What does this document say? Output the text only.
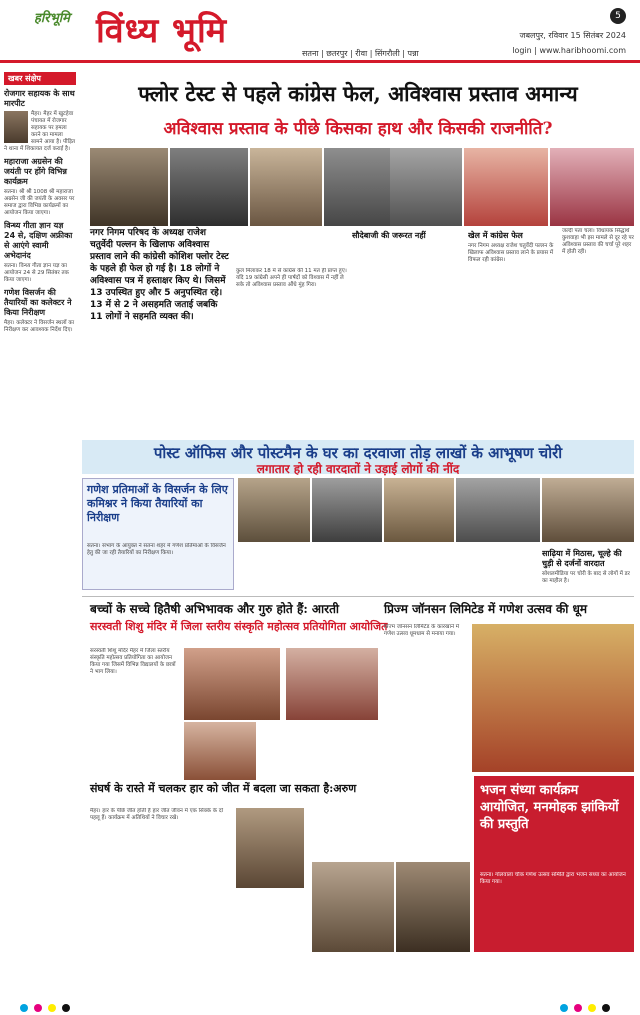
हरिभूमि विंध्य भूमि
सतना | छतरपुर | रीवा | सिंगरौली | पन्ना
5
जबलपुर, रविवार 15 सितंबर 2024
login | www.haribhoomi.com
खबर संक्षेप
रोजगार सहायक के साथ मारपीट

मैहर। मैहर में खुटहेवा पंचायत में रोजगार सहायक पर हमला करने का मामला सामने आया है। पीड़ित ने थाना में शिकायत दर्ज कराई है।

महाराजा अग्रसेन की जयंती पर होंगे विभिन्न कार्यक्रम

सतना। श्री श्री 1008 श्री महाराजा अग्रसेन जी की जयंती के अवसर पर समाज द्वारा विभिन्न कार्यक्रमों का आयोजन किया जाएगा।

विन्ध्य गीता ज्ञान यज्ञ 24 से, दक्षिण अफ्रीका से आएंगे स्वामी अभेदानंद

सतना। विन्ध्य गीता ज्ञान यज्ञ का आयोजन 24 से 29 सितंबर तक किया जाएगा।

गणेश विसर्जन की तैयारियों का कलेक्टर ने किया निरीक्षण

मैहर। कलेक्टर ने विसर्जन स्थलों का निरीक्षण कर आवश्यक निर्देश दिए।

फ्लोर टेस्ट से पहले कांग्रेस फेल, अविश्वास प्रस्ताव अमान्य
अविश्वास प्रस्ताव के पीछे किसका हाथ और किसकी राजनीति?
नगर निगम परिषद के अध्यक्ष राजेश चतुर्वेदी पल्लन के खिलाफ अविश्वास प्रस्ताव लाने की कांग्रेसी कोशिश फ्लोर टेस्ट के पहले ही फेल हो गई है। 18 लोगों ने अविश्वास पत्र में हस्ताक्षर किए थे। जिसमें 13 उपस्थित हुए और 5 अनुपस्थित रहे। 13 में से 2 ने असहमति जताई जबकि 11 लोगों ने सहमति व्यक्त की।
कुल मिलाकर 18 में से कांग्रेस की 11 मत ही प्राप्त हुए। यदि 19 कांग्रेसी अपने ही पार्षदों को विश्वास में नहीं ले सके तो अविश्वास प्रस्ताव औंधे मुंह गिरा।
सौदेबाजी की जरूरत नहीं	खेल में कांग्रेस फेल
नगर निगम अध्यक्ष राजेश चतुर्वेदी पल्लन के खिलाफ अविश्वास प्रस्ताव लाने के प्रयास में विफल रही कांग्रेस।
जल्दी पता चला। विधायक सिद्धार्थ कुशवाहा भी इस मामले से दूर रहे पर अविश्वास प्रस्ताव की चर्चा पूरे शहर में होती रही।
पोस्ट ऑफिस और पोस्टमैन के घर का दरवाजा तोड़ लाखों के आभूषण चोरी
लगातार हो रही वारदातों ने उड़ाई लोगों की नींद
गणेश प्रतिमाओं के विसर्जन के लिए कमिश्नर ने किया तैयारियों का निरीक्षण
सतना। संभाग के आयुक्त ने सतना शहर में गणेश प्रतिमाओं के विसर्जन हेतु की जा रही तैयारियों का निरीक्षण किया।	साढ़िया में मिठास, चूल्हे की चुड़ी से दर्जनों वारदात
सोशलमीडिया पर चोरी के बाद से लोगों में डर का माहौल है।
बच्चों के सच्चे हितैषी अभिभावक और गुरु होते हैं: आरती
सरस्वती शिशु मंदिर में जिला स्तरीय संस्कृति महोत्सव प्रतियोगिता आयोजित
सरस्वती शिशु मंदिर मैहर में जिला स्तरीय संस्कृति महोत्सव प्रतियोगिता का आयोजन किया गया जिसमें विभिन्न विद्यालयों के छात्रों ने भाग लिया।
प्रिज्म जॉनसन लिमिटेड में गणेश उत्सव की धूम
प्रिज्म जॉनसन लिमिटेड के कारखाने में गणेश उत्सव धूमधाम से मनाया गया।
संघर्ष के रास्ते में चलकर हार को जीत में बदला जा सकता है:अरुण
मैहर। हार के पीछे जीत होती है हार जीत जीवन में एक सिक्के के दो पहलू हैं। कार्यक्रम में अतिथियों ने विचार रखे।
भजन संध्या कार्यक्रम आयोजित, मनमोहक झांकियों की प्रस्तुति
सतना। गोलवाला चौक गणेश उत्सव समिति द्वारा भजन संध्या का आयोजन किया गया।
